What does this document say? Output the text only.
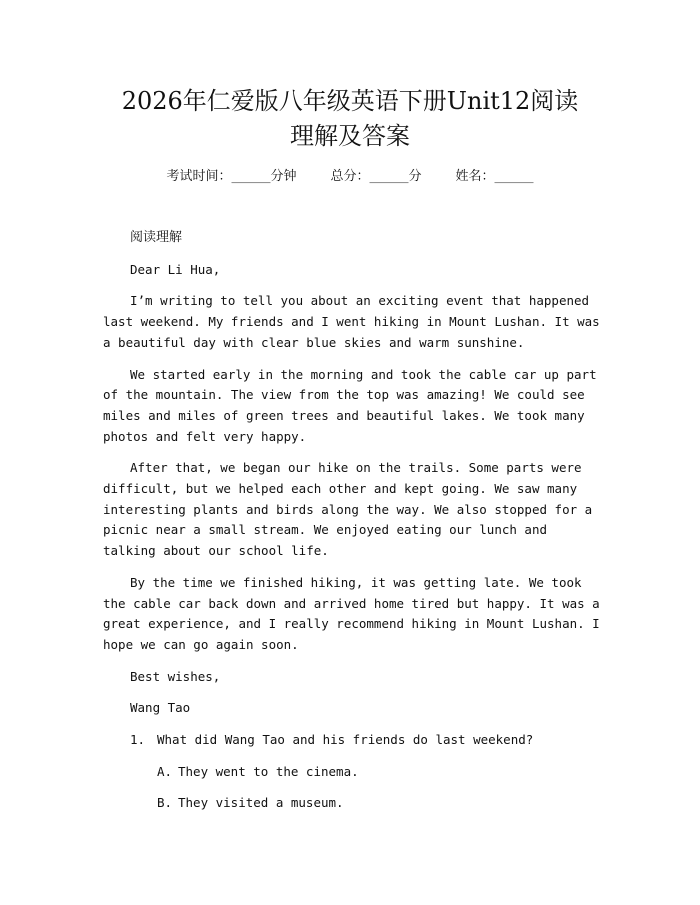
2026年仁爱版八年级英语下册Unit12阅读
理解及答案
考试时间：______分钟	总分：______分	姓名：______

阅读理解

Dear Li Hua,

I’m writing to tell you about an exciting event that happened last weekend. My friends and I went hiking in Mount Lushan. It was a beautiful day with clear blue skies and warm sunshine.

We started early in the morning and took the cable car up part of the mountain. The view from the top was amazing! We could see miles and miles of green trees and beautiful lakes. We took many photos and felt very happy.

After that, we began our hike on the trails. Some parts were difficult, but we helped each other and kept going. We saw many interesting plants and birds along the way. We also stopped for a picnic near a small stream. We enjoyed eating our lunch and talking about our school life.

By the time we finished hiking, it was getting late. We took the cable car back down and arrived home tired but happy. It was a great experience, and I really recommend hiking in Mount Lushan. I hope we can go again soon.

Best wishes,

Wang Tao

1. What did Wang Tao and his friends do last weekend?
A. They went to the cinema.
B. They visited a museum.
